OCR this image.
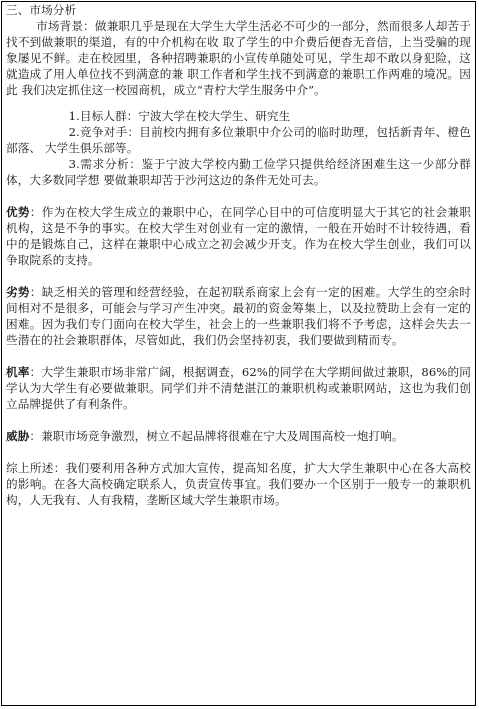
三、市场分析

市场背景：做兼职几乎是现在大学生大学生活必不可少的一部分，然而很多人却苦于找不到做兼职的渠道，有的中介机构在收 取了学生的中介费后便杳无音信，上当受骗的现象屡见不鲜。走在校园里，各种招聘兼职的小宣传单随处可见，学生却不敢以身犯险，这就造成了用人单位找不到满意的兼 职工作者和学生找不到满意的兼职工作两难的境况。因此 我们决定抓住这一校园商机，成立“青柠大学生服务中介”。

1.目标人群：宁波大学在校大学生、研究生

2.竞争对手：目前校内拥有多位兼职中介公司的临时助理，包括新青年、橙色部落、 大学生俱乐部等。

3.需求分析：鉴于宁波大学校内勤工俭学只提供给经济困难生这一少部分群体，大多数同学想 要做兼职却苦于沙河这边的条件无处可去。

优势：作为在校大学生成立的兼职中心，在同学心目中的可信度明显大于其它的社会兼职机构，这是不争的事实。在校大学生对创业有一定的激情，一般在开始时不计较待遇，看中的是锻炼自己，这样在兼职中心成立之初会减少开支。作为在校大学生创业，我们可以争取院系的支持。

劣势：缺乏相关的管理和经营经验，在起初联系商家上会有一定的困难。大学生的空余时间相对不是很多，可能会与学习产生冲突。最初的资金筹集上，以及拉赞助上会有一定的困难。因为我们专门面向在校大学生，社会上的一些兼职我们将不予考虑，这样会失去一些潜在的社会兼职群体，尽管如此，我们仍会坚持初衷，我们要做到精而专。

机率：大学生兼职市场非常广阔，根据调查，62%的同学在大学期间做过兼职，86%的同学认为大学生有必要做兼职。同学们并不清楚湛江的兼职机构或兼职网站，这也为我们创立品牌提供了有利条件。

威胁：兼职市场竞争激烈，树立不起品牌将很难在宁大及周围高校一炮打响。

综上所述：我们要利用各种方式加大宣传，提高知名度，扩大大学生兼职中心在各大高校的影响。在各大高校确定联系人，负责宣传事宜。我们要办一个区别于一般专一的兼职机构，人无我有、人有我精，垄断区域大学生兼职市场。
